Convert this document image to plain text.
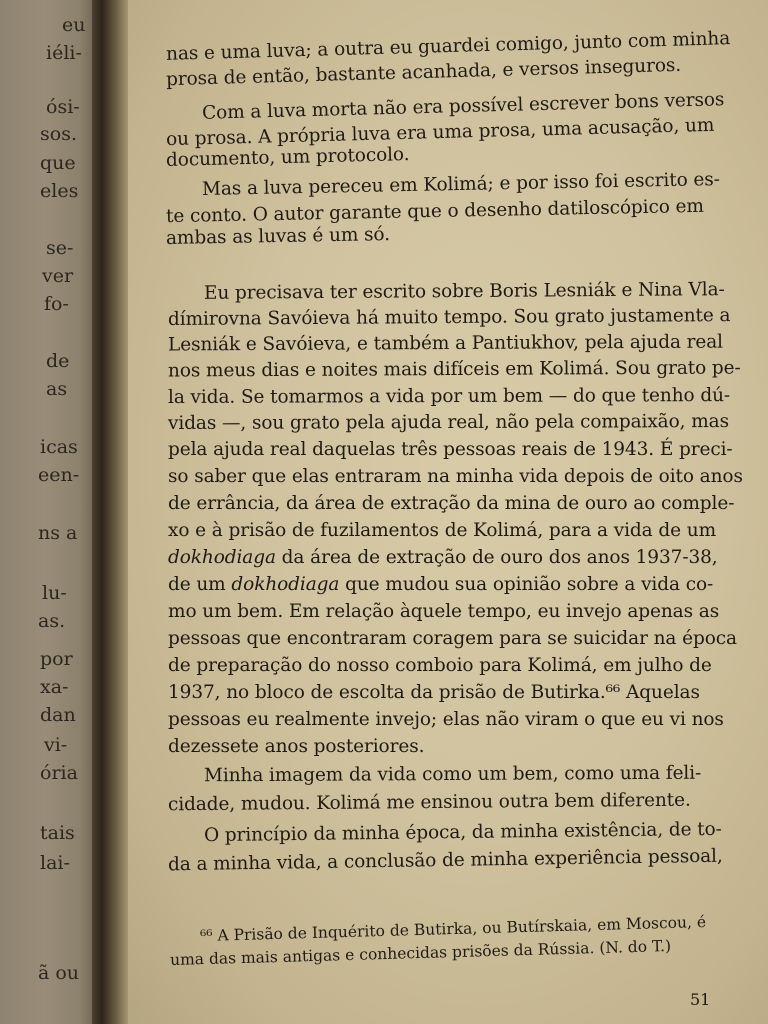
eu
iéli-
ósi-
sos.
que
eles
se-
ver
fo-
de
as
icas
een-
ns a
lu-
as.
por
xa-
dan
vi-
ória
tais
lai-
ã ou
nas e uma luva; a outra eu guardei comigo, junto com minha
prosa de então, bastante acanhada, e versos inseguros.
Com a luva morta não era possível escrever bons versos
ou prosa. A própria luva era uma prosa, uma acusação, um
documento, um protocolo.
Mas a luva pereceu em Kolimá; e por isso foi escrito es-
te conto. O autor garante que o desenho datiloscópico em
ambas as luvas é um só.
Eu precisava ter escrito sobre Boris Lesniák e Nina Vla-
dímirovna Savóieva há muito tempo. Sou grato justamente a
Lesniák e Savóieva, e também a Pantiukhov, pela ajuda real
nos meus dias e noites mais difíceis em Kolimá. Sou grato pe-
la vida. Se tomarmos a vida por um bem — do que tenho dú-
vidas —, sou grato pela ajuda real, não pela compaixão, mas
pela ajuda real daquelas três pessoas reais de 1943. É preci-
so saber que elas entraram na minha vida depois de oito anos
de errância, da área de extração da mina de ouro ao comple-
xo e à prisão de fuzilamentos de Kolimá, para a vida de um
dokhodiaga da área de extração de ouro dos anos 1937-38,
de um dokhodiaga que mudou sua opinião sobre a vida co-
mo um bem. Em relação àquele tempo, eu invejo apenas as
pessoas que encontraram coragem para se suicidar na época
de preparação do nosso comboio para Kolimá, em julho de
1937, no bloco de escolta da prisão de Butirka.⁶⁶ Aquelas
pessoas eu realmente invejo; elas não viram o que eu vi nos
dezessete anos posteriores.
Minha imagem da vida como um bem, como uma feli-
cidade, mudou. Kolimá me ensinou outra bem diferente.
O princípio da minha época, da minha existência, de to-
da a minha vida, a conclusão de minha experiência pessoal,
⁶⁶ A Prisão de Inquérito de Butirka, ou Butírskaia, em Moscou, é
uma das mais antigas e conhecidas prisões da Rússia. (N. do T.)
51
